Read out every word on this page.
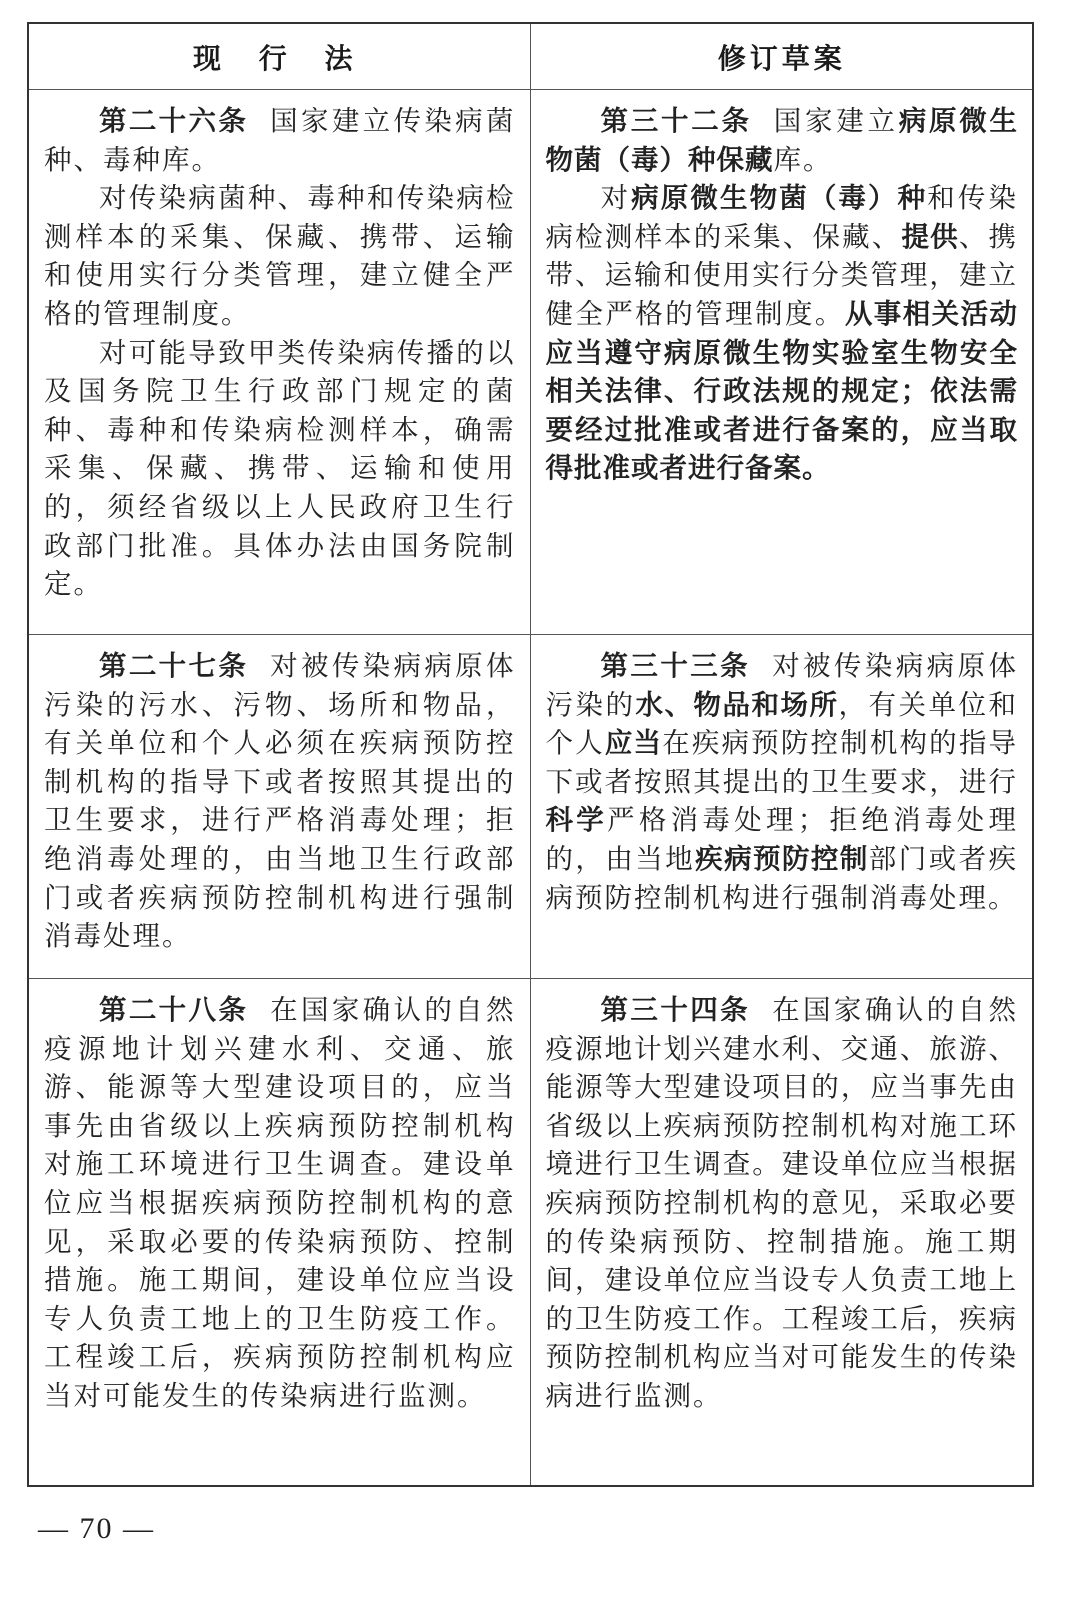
现 行 法	修订草案

第二十六条 国家建立传染病菌种、毒种库。

对传染病菌种、毒种和传染病检测样本的采集、保藏、携带、运输和使用实行分类管理，建立健全严格的管理制度。

对可能导致甲类传染病传播的以及国务院卫生行政部门规定的菌种、毒种和传染病检测样本，确需采集、保藏、携带、运输和使用的，须经省级以上人民政府卫生行政部门批准。具体办法由国务院制定。

第三十二条 国家建立病原微生物菌（毒）种保藏库。

对病原微生物菌（毒）种和传染病检测样本的采集、保藏、提供、携带、运输和使用实行分类管理，建立健全严格的管理制度。从事相关活动应当遵守病原微生物实验室生物安全相关法律、行政法规的规定；依法需要经过批准或者进行备案的，应当取得批准或者进行备案。

第二十七条 对被传染病病原体污染的污水、污物、场所和物品，有关单位和个人必须在疾病预防控制机构的指导下或者按照其提出的卫生要求，进行严格消毒处理；拒绝消毒处理的，由当地卫生行政部门或者疾病预防控制机构进行强制消毒处理。

第三十三条 对被传染病病原体污染的水、物品和场所，有关单位和个人应当在疾病预防控制机构的指导下或者按照其提出的卫生要求，进行科学严格消毒处理；拒绝消毒处理的，由当地疾病预防控制部门或者疾病预防控制机构进行强制消毒处理。

第二十八条 在国家确认的自然疫源地计划兴建水利、交通、旅游、能源等大型建设项目的，应当事先由省级以上疾病预防控制机构对施工环境进行卫生调查。建设单位应当根据疾病预防控制机构的意见，采取必要的传染病预防、控制措施。施工期间，建设单位应当设专人负责工地上的卫生防疫工作。工程竣工后，疾病预防控制机构应当对可能发生的传染病进行监测。

第三十四条 在国家确认的自然疫源地计划兴建水利、交通、旅游、能源等大型建设项目的，应当事先由省级以上疾病预防控制机构对施工环境进行卫生调查。建设单位应当根据疾病预防控制机构的意见，采取必要的传染病预防、控制措施。施工期间，建设单位应当设专人负责工地上的卫生防疫工作。工程竣工后，疾病预防控制机构应当对可能发生的传染病进行监测。

— 70 —
